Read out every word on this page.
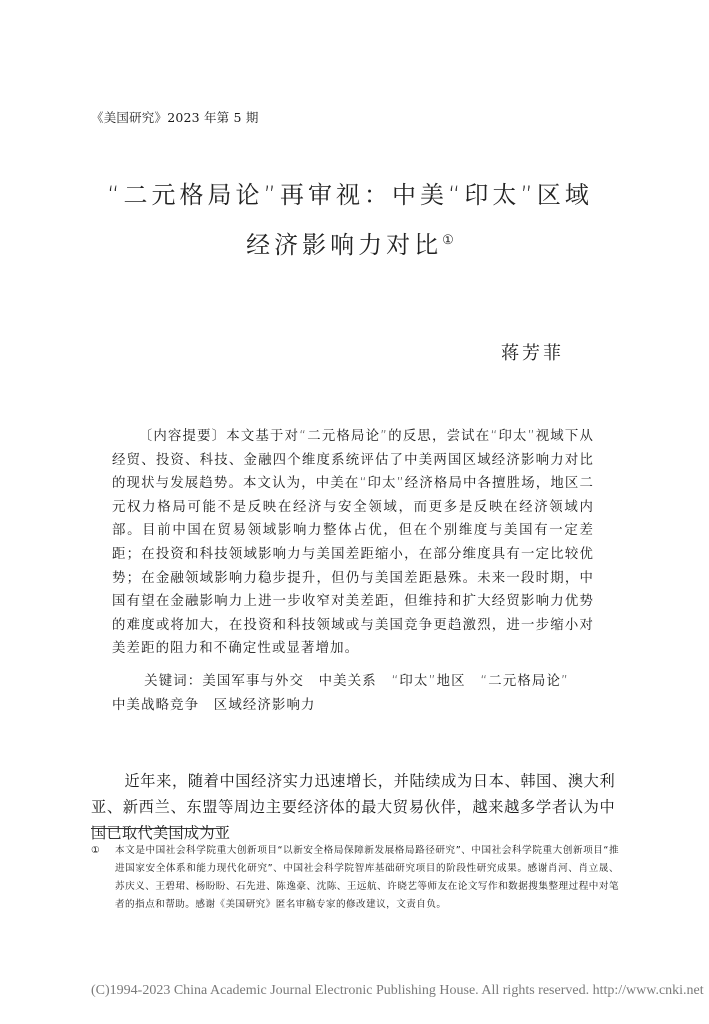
《美国研究》2023 年第 5 期
“二元格局论”再审视：中美“印太”区域
经济影响力对比①
蒋芳菲
〔内容提要〕本文基于对“二元格局论”的反思，尝试在“印太”视域下从经贸、投资、科技、金融四个维度系统评估了中美两国区域经济影响力对比的现状与发展趋势。本文认为，中美在“印太”经济格局中各擅胜场，地区二元权力格局可能不是反映在经济与安全领域，而更多是反映在经济领域内部。目前中国在贸易领域影响力整体占优，但在个别维度与美国有一定差距；在投资和科技领域影响力与美国差距缩小，在部分维度具有一定比较优势；在金融领域影响力稳步提升，但仍与美国差距悬殊。未来一段时期，中国有望在金融影响力上进一步收窄对美差距，但维持和扩大经贸影响力优势的难度或将加大，在投资和科技领域或与美国竞争更趋激烈，进一步缩小对美差距的阻力和不确定性或显著增加。
关键词：美国军事与外交　中美关系　“印太”地区　“二元格局论”　中美战略竞争　区域经济影响力
近年来，随着中国经济实力迅速增长，并陆续成为日本、韩国、澳大利亚、新西兰、东盟等周边主要经济体的最大贸易伙伴，越来越多学者认为中国已取代美国成为亚
① 本文是中国社会科学院重大创新项目“以新安全格局保障新发展格局路径研究”、中国社会科学院重大创新项目“推进国家安全体系和能力现代化研究”、中国社会科学院智库基础研究项目的阶段性研究成果。感谢肖河、肖立晟、苏庆义、王碧珺、杨盼盼、石先进、陈逸豪、沈陈、王远航、许晓艺等师友在论文写作和数据搜集整理过程中对笔者的指点和帮助。感谢《美国研究》匿名审稿专家的修改建议，文责自负。
(C)1994-2023 China Academic Journal Electronic Publishing House. All rights reserved. http://www.cnki.net
